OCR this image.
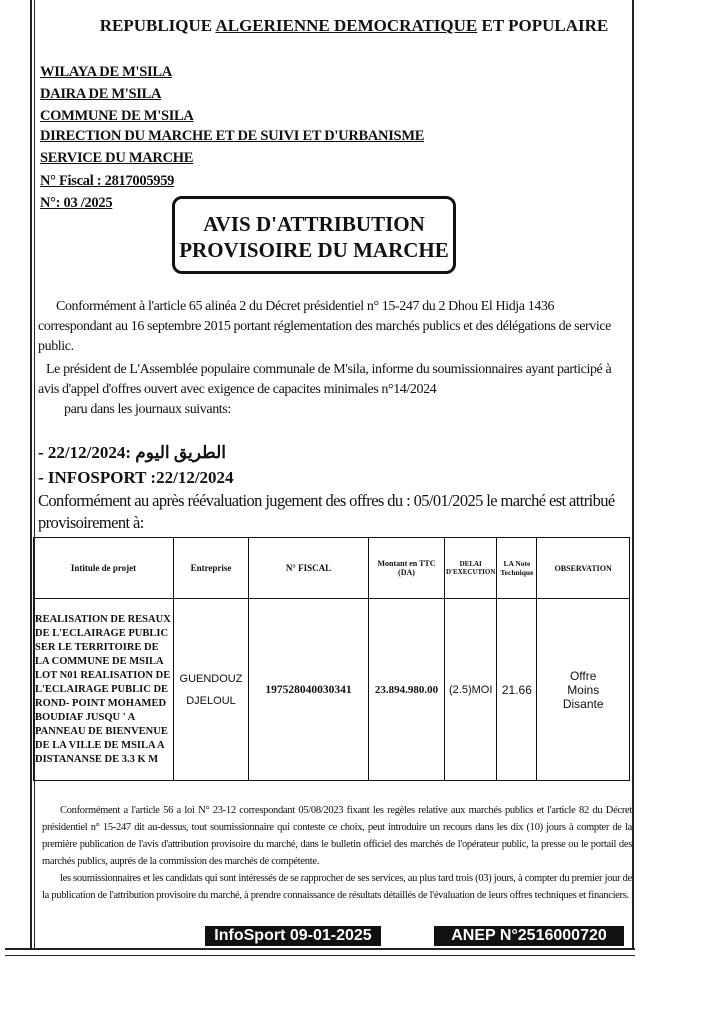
REPUBLIQUE ALGERIENNE DEMOCRATIQUE ET POPULAIRE
WILAYA DE M'SILA
DAIRA DE M'SILA
COMMUNE DE M'SILA
DIRECTION DU MARCHE ET DE SUIVI ET D'URBANISME
SERVICE DU MARCHE
N° Fiscal : 2817005959
N°: 03 /2025
AVIS D'ATTRIBUTION
PROVISOIRE DU MARCHE
Conformément à l'article 65 alinéa 2 du Décret présidentiel n° 15-247 du 2 Dhou El Hidja 1436 correspondant au 16 septembre 2015 portant réglementation des marchés publics et des délégations de service public.
Le président de L'Assemblée populaire communale de M'sila, informe du soumissionnaires ayant participé à avis d'appel d'offres ouvert avec exigence de capacites minimales n°14/2024
paru dans les journaux suivants:
- الطريق اليوم :22/12/2024
- INFOSPORT :22/12/2024
Conformément au après réévaluation jugement des offres du : 05/01/2025 le marché est attribué provisoirement à:
Intitule de projet	Entreprise	N° FISCAL	Montant en TTC (DA)	DELAI D'EXECUTION	LA Note Technique	OBSERVATION
REALISATION DE RESAUX DE L'ECLAIRAGE PUBLIC SER LE TERRITOIRE DE LA COMMUNE DE MSILA LOT N01 REALISATION DE L'ECLAIRAGE PUBLIC DE ROND- POINT MOHAMED BOUDIAF JUSQU ' A PANNEAU DE BIENVENUE DE LA VILLE DE MSILA A DISTANANSE DE 3.3 K M	GUENDOUZ DJELOUL	197528040030341	23.894.980.00	(2.5)MOI	21.66	Offre Moins Disante
Conformément a l'article 56 a loi N° 23-12 correspondant 05/08/2023 fixant les regèles relative aux marchés publics et l'article 82 du Décret présidentiel n° 15-247 dit au-dessus, tout soumissionnaire qui conteste ce choix, peut introduire un recours dans les dix (10) jours à compter de la première publication de l'avis d'attribution provisoire du marché, dans le bulletin officiel des marchés de l'opérateur public, la presse ou le portail des marchés publics, auprés de la commission des marchés de compétente.
les soumissionnaires et les candidats qui sont intéressés de se rapprocher de ses services, au plus tard trois (03) jours, à compter du premier jour de la publication de l'attribution provisoire du marché, à prendre connaissance de résultats détaillés de l'évaluation de leurs offres techniques et financiers.
InfoSport 09-01-2025	ANEP N°2516000720
